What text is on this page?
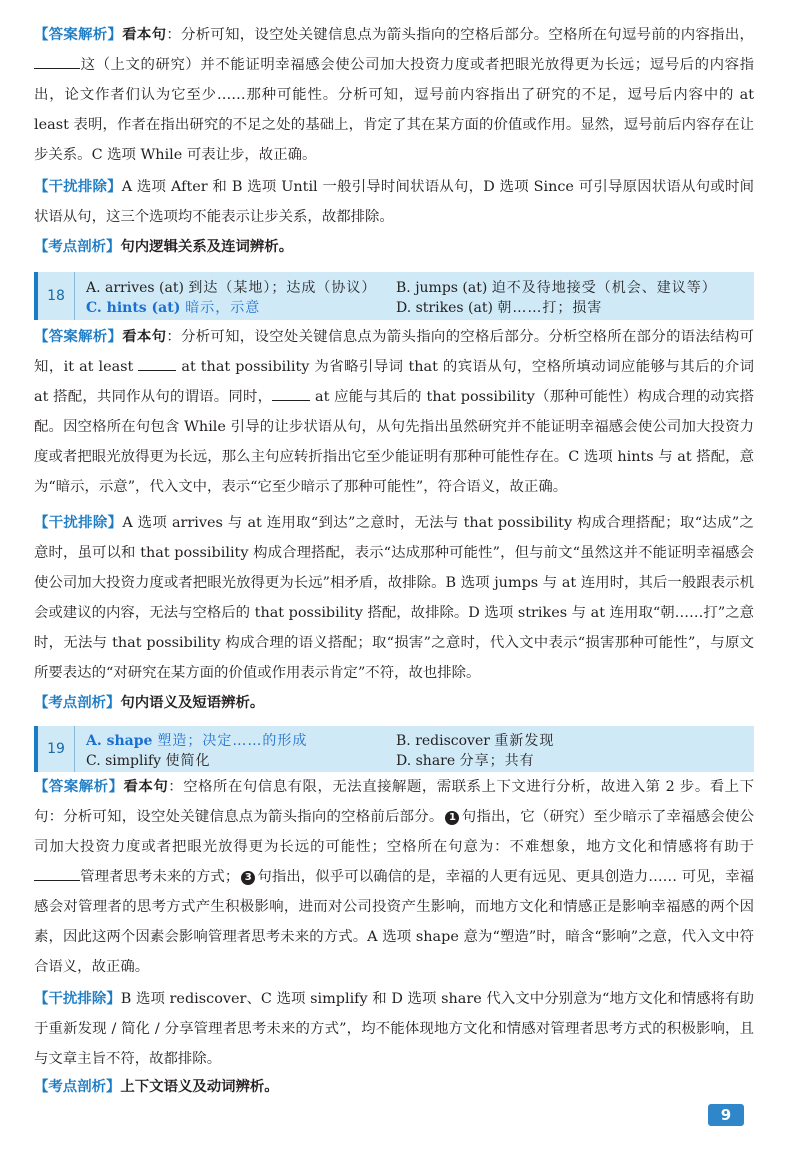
【答案解析】看本句：分析可知，设空处关键信息点为箭头指向的空格后部分。空格所在句逗号前的内容指出，这（上文的研究）并不能证明幸福感会使公司加大投资力度或者把眼光放得更为长远；逗号后的内容指出，论文作者们认为它至少……那种可能性。分析可知，逗号前内容指出了研究的不足，逗号后内容中的 at least 表明，作者在指出研究的不足之处的基础上，肯定了其在某方面的价值或作用。显然，逗号前后内容存在让步关系。C 选项 While 可表让步，故正确。

【干扰排除】A 选项 After 和 B 选项 Until 一般引导时间状语从句，D 选项 Since 可引导原因状语从句或时间状语从句，这三个选项均不能表示让步关系，故都排除。

【考点剖析】句内逻辑关系及连词辨析。

18	A. arrives (at) 到达（某地）；达成（协议） B. jumps (at) 迫不及待地接受（机会、建议等）
C. hints (at) 暗示，示意	D. strikes (at) 朝……打；损害

【答案解析】看本句：分析可知，设空处关键信息点为箭头指向的空格后部分。分析空格所在部分的语法结构可知，it at least	at that possibility 为省略引导词 that 的宾语从句，空格所填动词应能够与其后的介词 at 搭配，共同作从句的谓语。同时，	at 应能与其后的 that possibility（那种可能性）构成合理的动宾搭配。因空格所在句包含 While 引导的让步状语从句，从句先指出虽然研究并不能证明幸福感会使公司加大投资力度或者把眼光放得更为长远，那么主句应转折指出它至少能证明有那种可能性存在。C 选项 hints 与 at 搭配，意为“暗示，示意”，代入文中，表示“它至少暗示了那种可能性”，符合语义，故正确。

【干扰排除】A 选项 arrives 与 at 连用取“到达”之意时，无法与 that possibility 构成合理搭配；取“达成”之意时，虽可以和 that possibility 构成合理搭配，表示“达成那种可能性”，但与前文“虽然这并不能证明幸福感会使公司加大投资力度或者把眼光放得更为长远”相矛盾，故排除。B 选项 jumps 与 at 连用时，其后一般跟表示机会或建议的内容，无法与空格后的 that possibility 搭配，故排除。D 选项 strikes 与 at 连用取“朝……打”之意时，无法与 that possibility 构成合理的语义搭配；取“损害”之意时，代入文中表示“损害那种可能性”，与原文所要表达的“对研究在某方面的价值或作用表示肯定”不符，故也排除。

【考点剖析】句内语义及短语辨析。

19	A. shape 塑造；决定……的形成	B. rediscover 重新发现
C. simplify 使简化	D. share 分享；共有

【答案解析】看本句：空格所在句信息有限，无法直接解题，需联系上下文进行分析，故进入第 2 步。看上下句：分析可知，设空处关键信息点为箭头指向的空格前后部分。 1 句指出，它（研究）至少暗示了幸福感会使公司加大投资力度或者把眼光放得更为长远的可能性；空格所在句意为：不难想象，地方文化和情感将有助于管理者思考未来的方式； 3 句指出，似乎可以确信的是，幸福的人更有远见、更具创造力…… 可见，幸福感会对管理者的思考方式产生积极影响，进而对公司投资产生影响，而地方文化和情感正是影响幸福感的两个因素，因此这两个因素会影响管理者思考未来的方式。A 选项 shape 意为“塑造”时，暗含“影响”之意，代入文中符合语义，故正确。

【干扰排除】B 选项 rediscover、C 选项 simplify 和 D 选项 share 代入文中分别意为“地方文化和情感将有助于重新发现 / 简化 / 分享管理者思考未来的方式”，均不能体现地方文化和情感对管理者思考方式的积极影响，且与文章主旨不符，故都排除。

【考点剖析】上下文语义及动词辨析。

9
